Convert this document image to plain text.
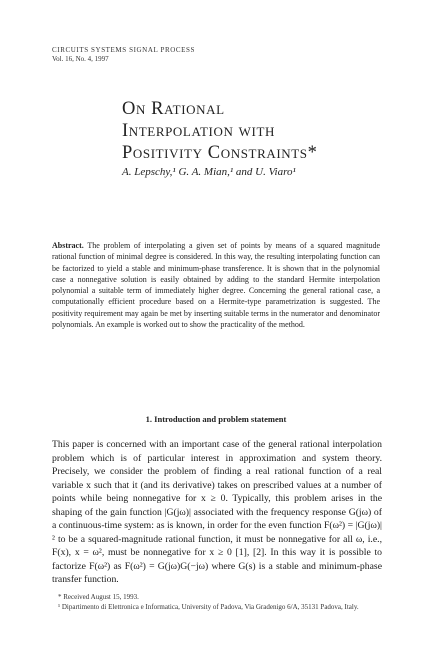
CIRCUITS SYSTEMS SIGNAL PROCESS
Vol. 16, No. 4, 1997
On Rational
Interpolation with
Positivity Constraints*
A. Lepschy,¹ G. A. Mian,¹ and U. Viaro¹
Abstract. The problem of interpolating a given set of points by means of a squared magnitude rational function of minimal degree is considered. In this way, the resulting interpolating function can be factorized to yield a stable and minimum-phase transference. It is shown that in the polynomial case a nonnegative solution is easily obtained by adding to the standard Hermite interpolation polynomial a suitable term of immediately higher degree. Concerning the general rational case, a computationally efficient procedure based on a Hermite-type parametrization is suggested. The positivity requirement may again be met by inserting suitable terms in the numerator and denominator polynomials. An example is worked out to show the practicality of the method.
1. Introduction and problem statement
This paper is concerned with an important case of the general rational interpolation problem which is of particular interest in approximation and system theory. Precisely, we consider the problem of finding a real rational function of a real variable x such that it (and its derivative) takes on prescribed values at a number of points while being nonnegative for x ≥ 0. Typically, this problem arises in the shaping of the gain function |G(jω)| associated with the frequency response G(jω) of a continuous-time system: as is known, in order for the even function F(ω²) = |G(jω)|² to be a squared-magnitude rational function, it must be nonnegative for all ω, i.e., F(x), x = ω², must be nonnegative for x ≥ 0 [1], [2]. In this way it is possible to factorize F(ω²) as F(ω²) = G(jω)G(−jω) where G(s) is a stable and minimum-phase transfer function.
* Received August 15, 1993.
¹ Dipartimento di Elettronica e Informatica, University of Padova, Via Gradenigo 6/A, 35131 Padova, Italy.
